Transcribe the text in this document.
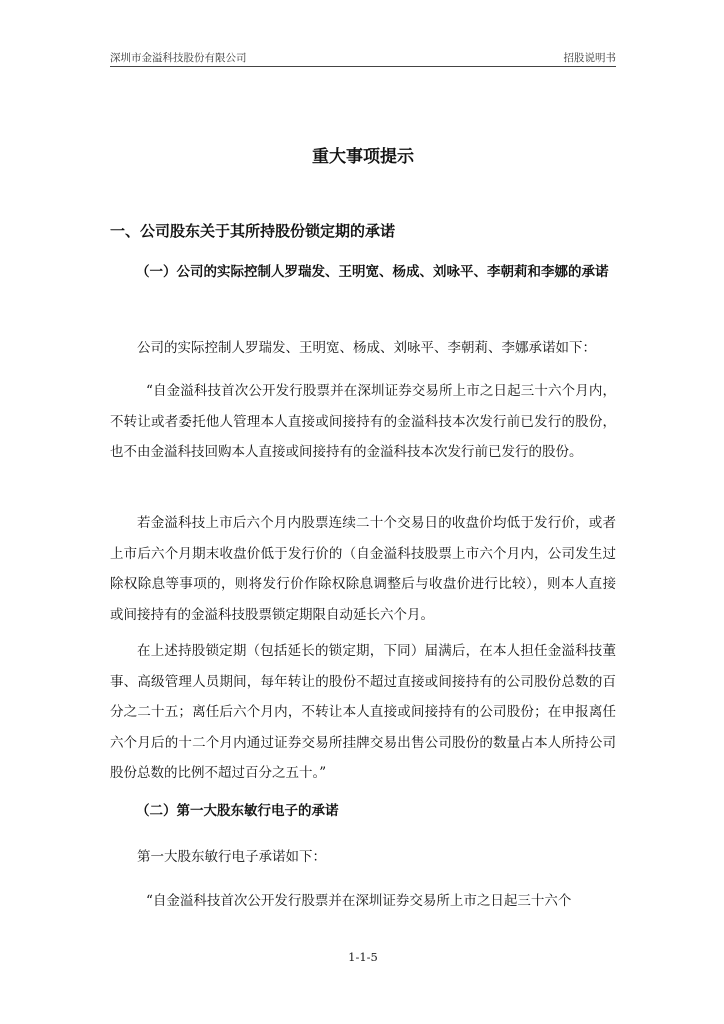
深圳市金溢科技股份有限公司	招股说明书
重大事项提示
一、公司股东关于其所持股份锁定期的承诺
（一）公司的实际控制人罗瑞发、王明宽、杨成、刘咏平、李朝莉和李娜的承诺
公司的实际控制人罗瑞发、王明宽、杨成、刘咏平、李朝莉、李娜承诺如下：
“自金溢科技首次公开发行股票并在深圳证券交易所上市之日起三十六个月内，不转让或者委托他人管理本人直接或间接持有的金溢科技本次发行前已发行的股份，也不由金溢科技回购本人直接或间接持有的金溢科技本次发行前已发行的股份。
若金溢科技上市后六个月内股票连续二十个交易日的收盘价均低于发行价，或者上市后六个月期末收盘价低于发行价的（自金溢科技股票上市六个月内，公司发生过除权除息等事项的，则将发行价作除权除息调整后与收盘价进行比较），则本人直接或间接持有的金溢科技股票锁定期限自动延长六个月。
在上述持股锁定期（包括延长的锁定期，下同）届满后，在本人担任金溢科技董事、高级管理人员期间，每年转让的股份不超过直接或间接持有的公司股份总数的百分之二十五；离任后六个月内，不转让本人直接或间接持有的公司股份；在申报离任六个月后的十二个月内通过证券交易所挂牌交易出售公司股份的数量占本人所持公司股份总数的比例不超过百分之五十。”
（二）第一大股东敏行电子的承诺
第一大股东敏行电子承诺如下：
“自金溢科技首次公开发行股票并在深圳证券交易所上市之日起三十六个
1-1-5
